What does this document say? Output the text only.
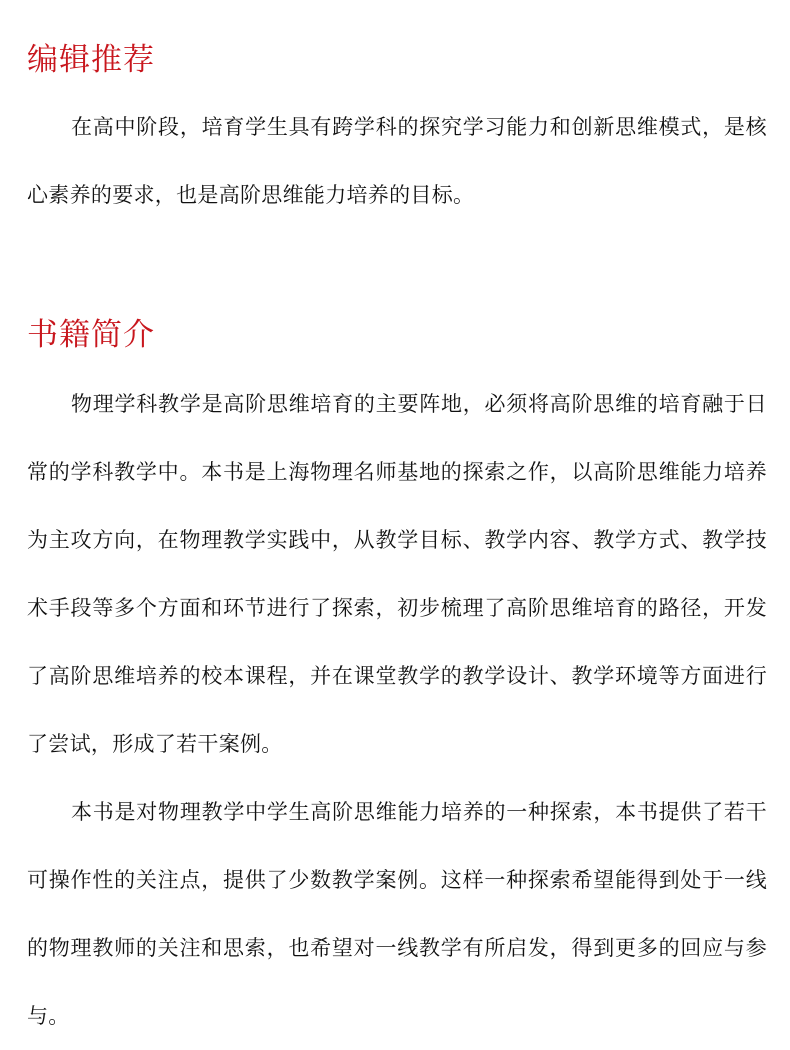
编辑推荐

在高中阶段，培育学生具有跨学科的探究学习能力和创新思维模式，是核心素养的要求，也是高阶思维能力培养的目标。

书籍简介

物理学科教学是高阶思维培育的主要阵地，必须将高阶思维的培育融于日常的学科教学中。本书是上海物理名师基地的探索之作，以高阶思维能力培养为主攻方向，在物理教学实践中，从教学目标、教学内容、教学方式、教学技术手段等多个方面和环节进行了探索，初步梳理了高阶思维培育的路径，开发了高阶思维培养的校本课程，并在课堂教学的教学设计、教学环境等方面进行了尝试，形成了若干案例。

本书是对物理教学中学生高阶思维能力培养的一种探索，本书提供了若干可操作性的关注点，提供了少数教学案例。这样一种探索希望能得到处于一线的物理教师的关注和思索，也希望对一线教学有所启发，得到更多的回应与参与。
